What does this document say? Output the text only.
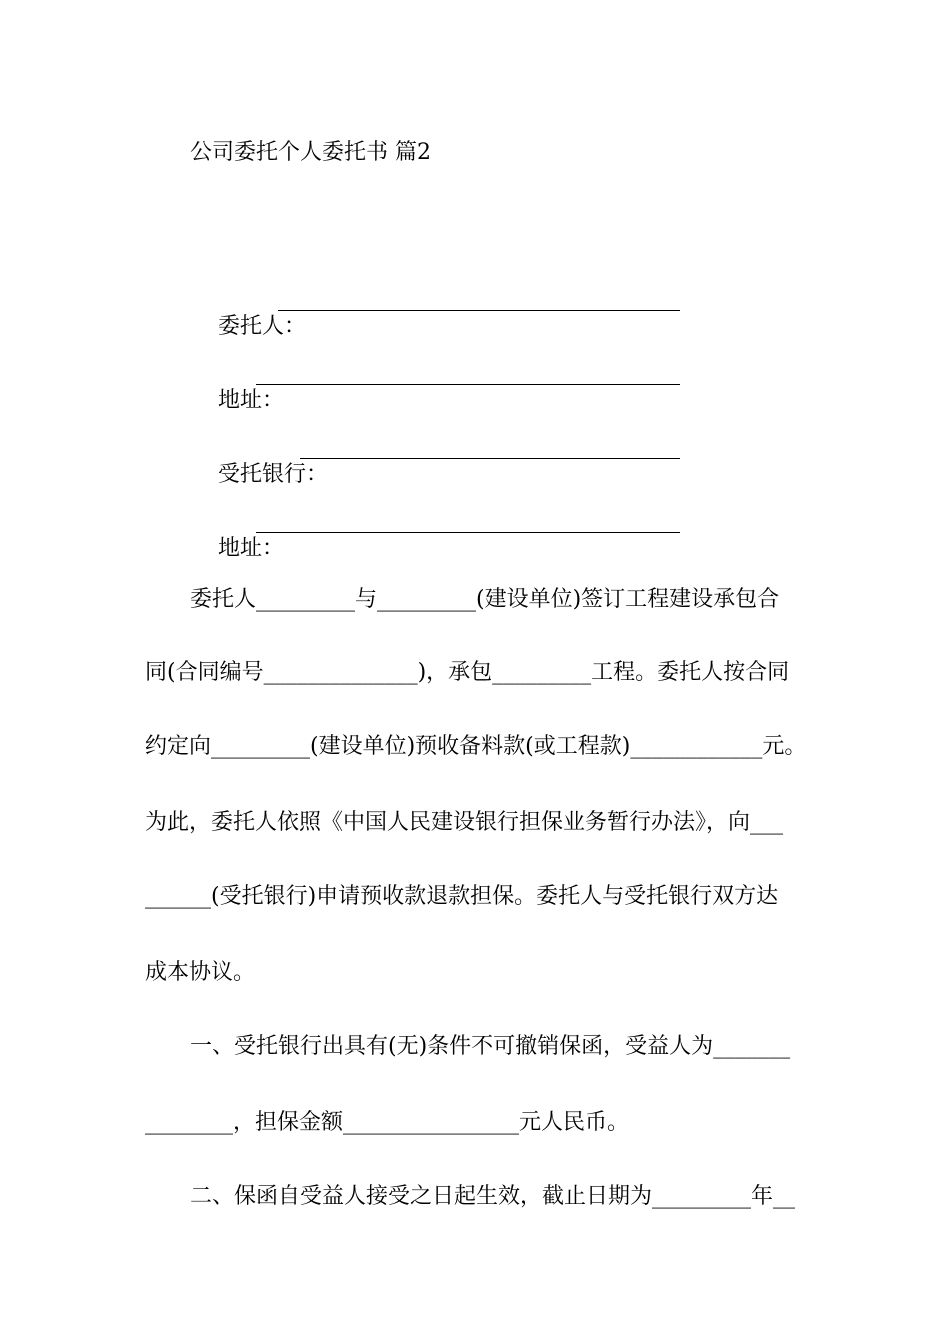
公司委托个人委托书 篇2

委托人：

地址：

受托银行：

地址：

委托人_________与_________(建设单位)签订工程建设承包合
同(合同编号______________)，承包_________工程。委托人按合同
约定向_________(建设单位)预收备料款(或工程款)____________元。
为此，委托人依照《中国人民建设银行担保业务暂行办法》，向___
______(受托银行)申请预收款退款担保。委托人与受托银行双方达
成本协议。
一、受托银行出具有(无)条件不可撤销保函，受益人为_______
________，担保金额________________元人民币。
二、保函自受益人接受之日起生效，截止日期为_________年__
